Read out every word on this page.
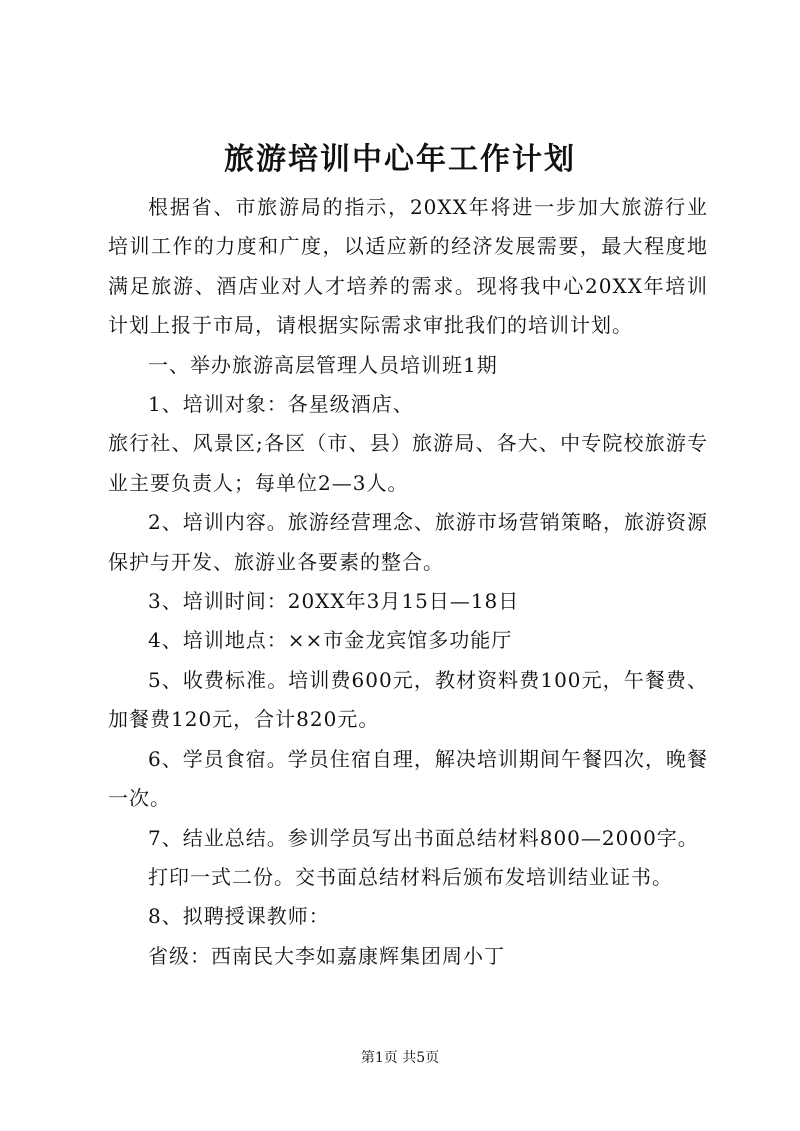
旅游培训中心年工作计划

根据省、市旅游局的指示，20XX年将进一步加大旅游行业培训工作的力度和广度，以适应新的经济发展需要，最大程度地满足旅游、酒店业对人才培养的需求。现将我中心20XX年培训计划上报于市局，请根据实际需求审批我们的培训计划。

一、举办旅游高层管理人员培训班1期

1、培训对象：各星级酒店、

旅行社、风景区;各区（市、县）旅游局、各大、中专院校旅游专业主要负责人；每单位2—3人。

2、培训内容。旅游经营理念、旅游市场营销策略，旅游资源保护与开发、旅游业各要素的整合。

3、培训时间：20XX年3月15日—18日

4、培训地点：××市金龙宾馆多功能厅

5、收费标准。培训费600元，教材资料费100元，午餐费、加餐费120元，合计820元。

6、学员食宿。学员住宿自理，解决培训期间午餐四次，晚餐一次。

7、结业总结。参训学员写出书面总结材料800—2000字。

打印一式二份。交书面总结材料后颁布发培训结业证书。

8、拟聘授课教师：

省级：西南民大李如嘉康辉集团周小丁

第1页 共5页
